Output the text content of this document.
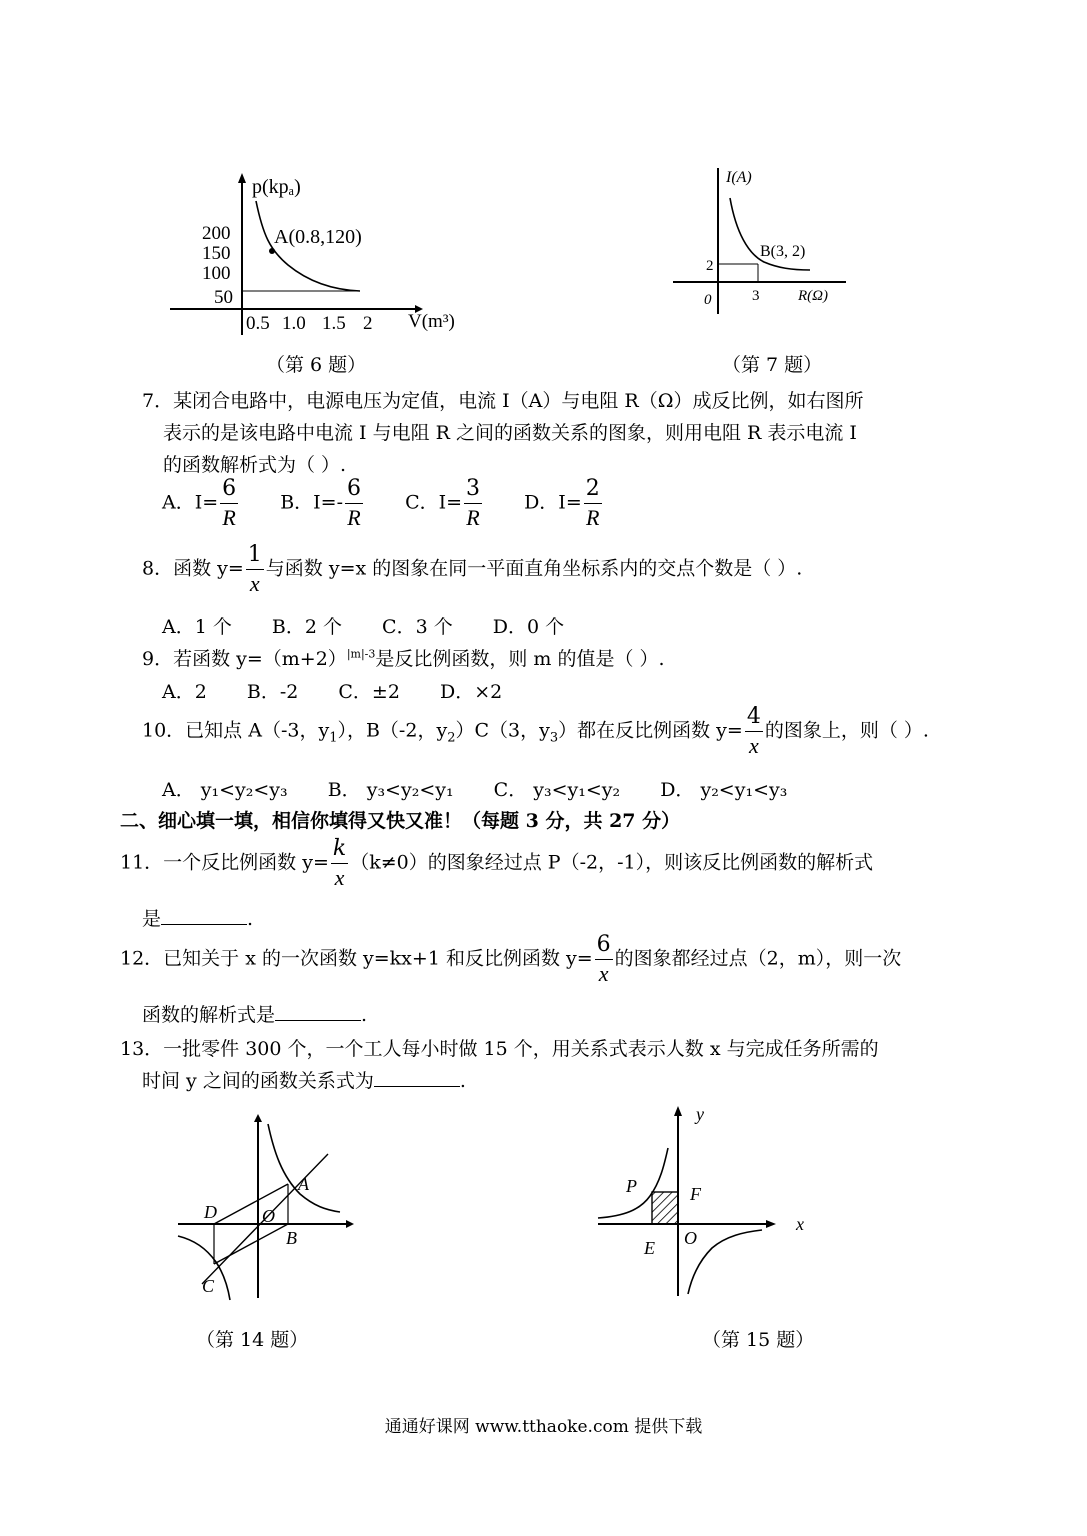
p(kpₐ)
200
150
100
50
0.5 1.0 1.5 2 V(m³)
A(0.8,120)
（第 6 题）
I(A)
B(3, 2)
2
0	3	R(Ω)
（第 7 题）
7．某闭合电路中，电源电压为定值，电流 I（A）与电阻 R（Ω）成反比例，如右图所
表示的是该电路中电流 I 与电阻 R 之间的函数关系的图象，则用电阻 R 表示电流 I
的函数解析式为（ ）.
A．$I= \frac{6}{R}$ B．$I=- \frac{6}{R}$ C．$I= \frac{3}{R}$ D．$I= \frac{2}{R}$
8．函数 $y= \frac{1}{x}$ 与函数 y=x 的图象在同一平面直角坐标系内的交点个数是（ ）.
A．1 个 B．2 个 C．3 个 D．0 个
9．若函数 $y=(m+2)^{|m|-3}$是反比例函数，则 m 的值是（ ）.
A．2 B．-2 C．±2 D．×2
10．已知点 A（-3，$y_1$），B（-2，$y_2)C(3$，$y_3$）都在反比例函数 $y= \frac{4}{x}$ 的图象上，则（ ）.
A． y₁<y₂<y₃ B． y₃<y₂<y₁ C． y₃<y₁<y₂ D． y₂<y₁<y₃
二、细心填一填，相信你填得又快又准！（每题 3 分，共 27 分）
11．一个反比例函数 $y= \frac{k}{x} (k\ne 0)$的图象经过点 P（-2，-1），则该反比例函数的解析式
是	.
12．已知关于 x 的一次函数 y=kx+1 和反比例函数 $y= \frac{6}{x}$ 的图象都经过点（2，m），则一次
函数的解析式是	.
13．一批零件 300 个，一个工人每小时做 15 个，用关系式表示人数 x 与完成任务所需的
时间 y 之间的函数关系式为	.
A
D	O
B
C
（第 14 题）
y
P	F
x
E O
（第 15 题）
通通好课网 www.tthaoke.com 提供下载
